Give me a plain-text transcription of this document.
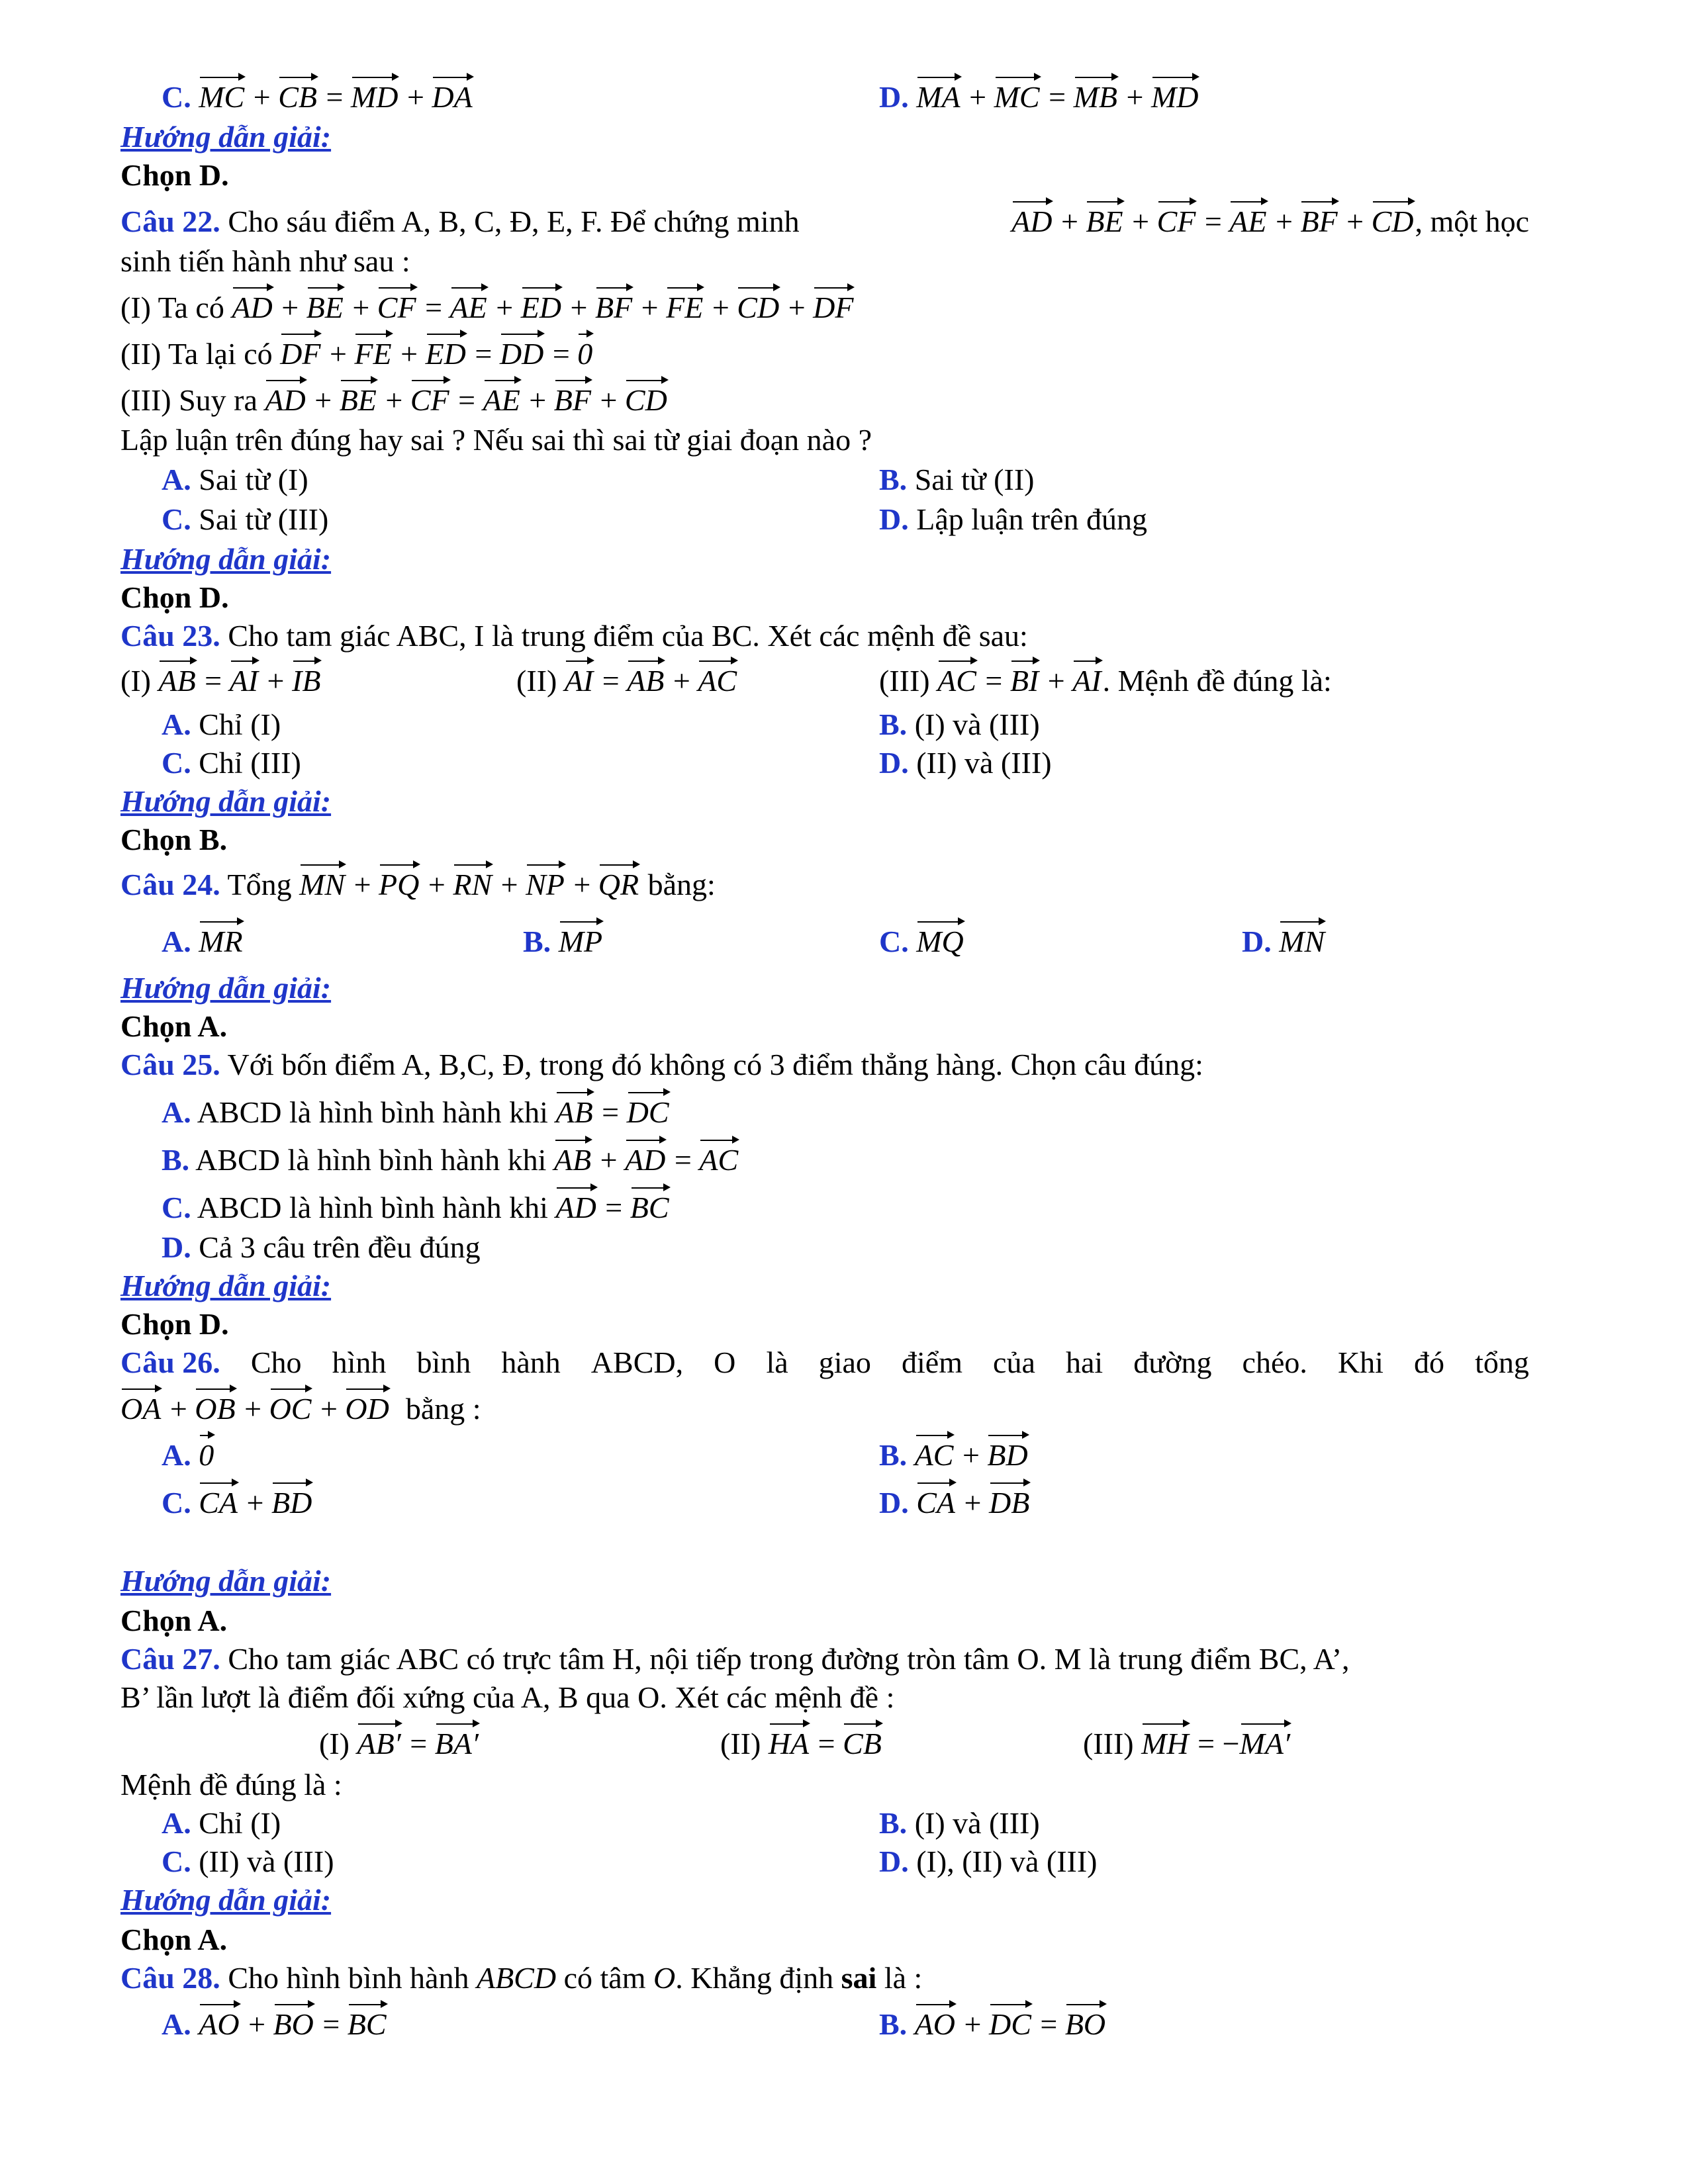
C. MC + CB = MD + DA	D. MA + MC = MB + MD
Hướng dẫn giải:
Chọn D.
Câu 22. Cho sáu điểm A, B, C, Đ, E, F. Để chứng minh	AD + BE + CF = AE + BF + CD, một học
sinh tiến hành như sau :
(I) Ta có AD + BE + CF = AE + ED + BF + FE + CD + DF
(II) Ta lại có DF + FE + ED = DD = 0
(III) Suy ra AD + BE + CF = AE + BF + CD
Lập luận trên đúng hay sai ? Nếu sai thì sai từ giai đoạn nào ?
A. Sai từ (I)	B. Sai từ (II)
C. Sai từ (III)	D. Lập luận trên đúng
Hướng dẫn giải:
Chọn D.
Câu 23. Cho tam giác ABC, I là trung điểm của BC. Xét các mệnh đề sau:
(I) AB = AI + IB	(II) AI = AB + AC	(III) AC = BI + AI. Mệnh đề đúng là:
A. Chỉ (I)	B. (I) và (III)
C. Chỉ (III)	D. (II) và (III)
Hướng dẫn giải:
Chọn B.
Câu 24. Tổng MN + PQ + RN + NP + QR bằng:
A. MR	B. MP	C. MQ	D. MN
Hướng dẫn giải:
Chọn A.
Câu 25. Với bốn điểm A, B,C, Đ, trong đó không có 3 điểm thẳng hàng. Chọn câu đúng:
A. ABCD là hình bình hành khi AB = DC
B. ABCD là hình bình hành khi AB + AD = AC
C. ABCD là hình bình hành khi AD = BC
D. Cả 3 câu trên đều đúng
Hướng dẫn giải:
Chọn D.
Câu 26. Cho hình bình hành ABCD, O là giao điểm của hai đường chéo. Khi đó tổng
OA + OB + OC + OD bằng :
A. 0	B. AC + BD
C. CA + BD	D. CA + DB
Hướng dẫn giải:
Chọn A.
Câu 27. Cho tam giác ABC có trực tâm H, nội tiếp trong đường tròn tâm O. M là trung điểm BC, A’,
B’ lần lượt là điểm đối xứng của A, B qua O. Xét các mệnh đề :
(I) AB′ = BA′	(II) HA = CB	(III) MH = −MA′
Mệnh đề đúng là :
A. Chỉ (I)	B. (I) và (III)
C. (II) và (III)	D. (I), (II) và (III)
Hướng dẫn giải:
Chọn A.
Câu 28. Cho hình bình hành ABCD có tâm O. Khẳng định sai là :
A. AO + BO = BC	B. AO + DC = BO
